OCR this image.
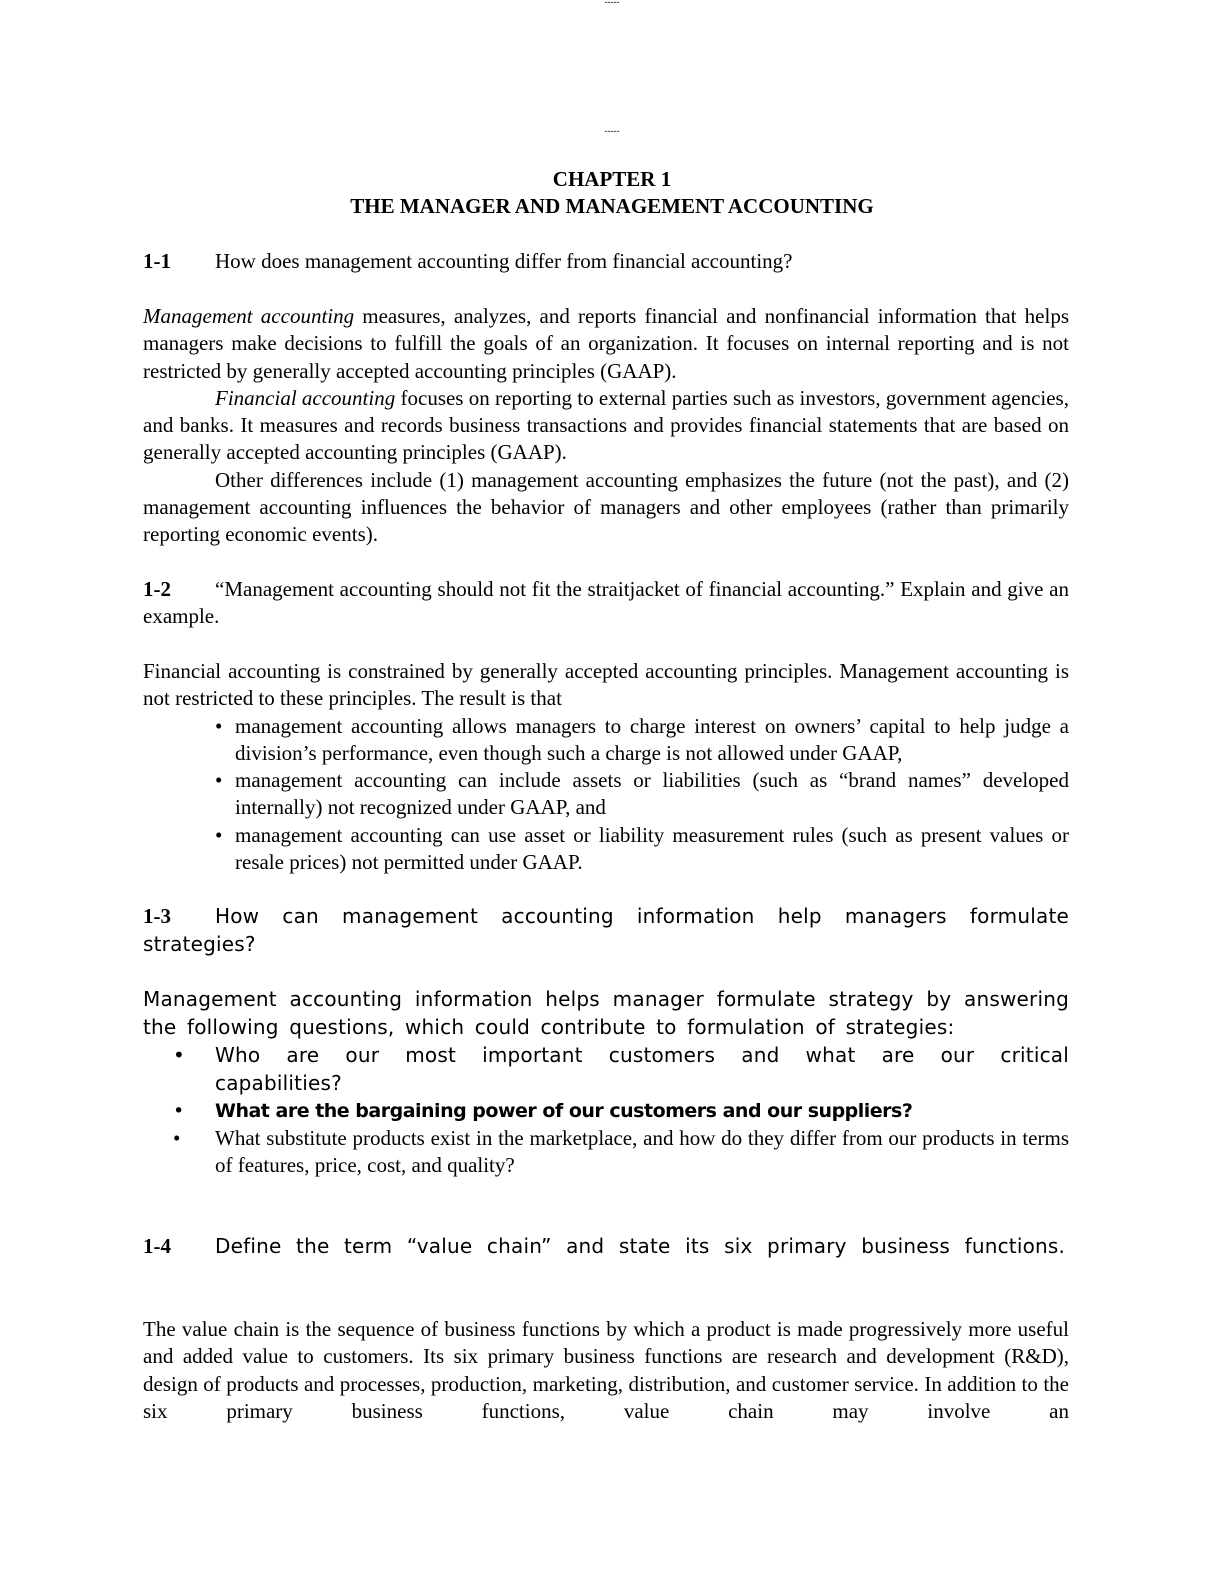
-----
-----
CHAPTER 1
THE MANAGER AND MANAGEMENT ACCOUNTING
1-1 How does management accounting differ from financial accounting?

Management accounting measures, analyzes, and reports financial and nonfinancial information that helps managers make decisions to fulfill the goals of an organization. It focuses on internal reporting and is not restricted by generally accepted accounting principles (GAAP).

Financial accounting focuses on reporting to external parties such as investors, government agencies, and banks. It measures and records business transactions and provides financial statements that are based on generally accepted accounting principles (GAAP).

Other differences include (1) management accounting emphasizes the future (not the past), and (2) management accounting influences the behavior of managers and other employees (rather than primarily reporting economic events).

1-2 “Management accounting should not fit the straitjacket of financial accounting.” Explain and give an example.

Financial accounting is constrained by generally accepted accounting principles. Management accounting is not restricted to these principles. The result is that

• management accounting allows managers to charge interest on owners’ capital to help judge a division’s performance, even though such a charge is not allowed under GAAP,
• management accounting can include assets or liabilities (such as “brand names” developed internally) not recognized under GAAP, and
• management accounting can use asset or liability measurement rules (such as present values or resale prices) not permitted under GAAP.
1-3 How can management accounting information help managers formulate strategies?

Management accounting information helps manager formulate strategy by answering the following questions, which could contribute to formulation of strategies:

• Who are our most important customers and what are our critical capabilities?
• What are the bargaining power of our customers and our suppliers?
• What substitute products exist in the marketplace, and how do they differ from our products in terms of features, price, cost, and quality?
1-4 Define the term “value chain” and state its six primary business functions.

The value chain is the sequence of business functions by which a product is made progressively more useful and added value to customers. Its six primary business functions are research and development (R&D), design of products and processes, production, marketing, distribution, and customer service. In addition to the six primary business functions, value chain may involve an
